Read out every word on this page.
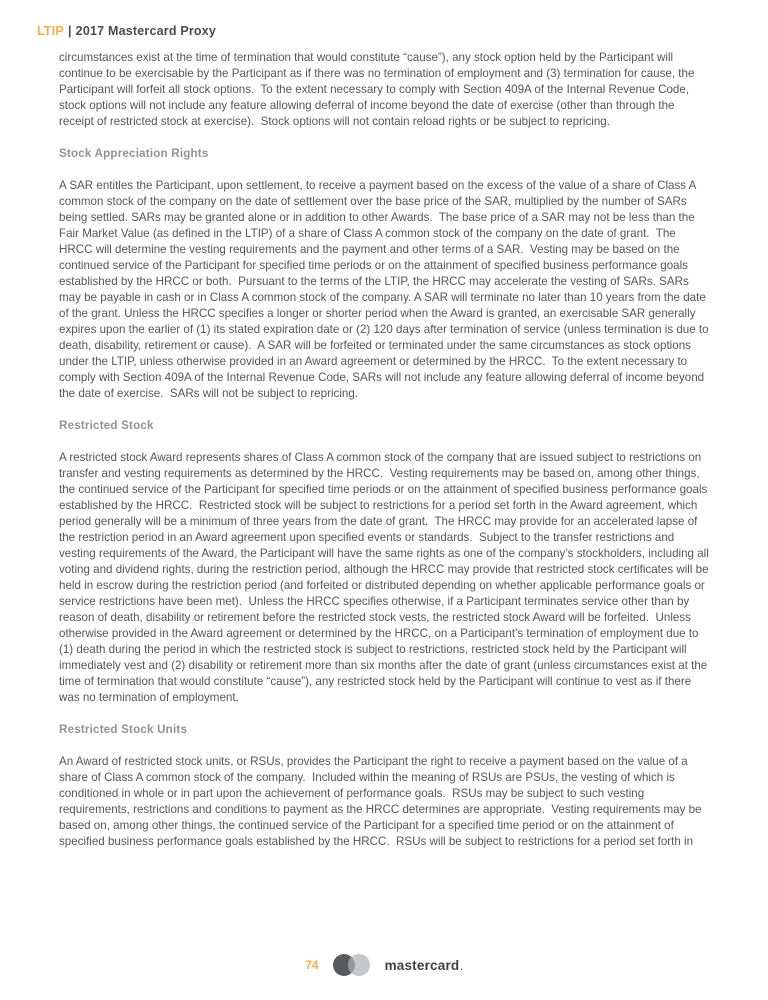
LTIP | 2017 Mastercard Proxy

circumstances exist at the time of termination that would constitute “cause”), any stock option held by the Participant will continue to be exercisable by the Participant as if there was no termination of employment and (3) termination for cause, the Participant will forfeit all stock options.  To the extent necessary to comply with Section 409A of the Internal Revenue Code, stock options will not include any feature allowing deferral of income beyond the date of exercise (other than through the receipt of restricted stock at exercise).  Stock options will not contain reload rights or be subject to repricing.

Stock Appreciation Rights

A SAR entitles the Participant, upon settlement, to receive a payment based on the excess of the value of a share of Class A common stock of the company on the date of settlement over the base price of the SAR, multiplied by the number of SARs being settled. SARs may be granted alone or in addition to other Awards.  The base price of a SAR may not be less than the Fair Market Value (as defined in the LTIP) of a share of Class A common stock of the company on the date of grant.  The HRCC will determine the vesting requirements and the payment and other terms of a SAR.  Vesting may be based on the continued service of the Participant for specified time periods or on the attainment of specified business performance goals established by the HRCC or both.  Pursuant to the terms of the LTIP, the HRCC may accelerate the vesting of SARs. SARs may be payable in cash or in Class A common stock of the company. A SAR will terminate no later than 10 years from the date of the grant. Unless the HRCC specifies a longer or shorter period when the Award is granted, an exercisable SAR generally expires upon the earlier of (1) its stated expiration date or (2) 120 days after termination of service (unless termination is due to death, disability, retirement or cause).  A SAR will be forfeited or terminated under the same circumstances as stock options under the LTIP, unless otherwise provided in an Award agreement or determined by the HRCC.  To the extent necessary to comply with Section 409A of the Internal Revenue Code, SARs will not include any feature allowing deferral of income beyond the date of exercise.  SARs will not be subject to repricing.

Restricted Stock

A restricted stock Award represents shares of Class A common stock of the company that are issued subject to restrictions on transfer and vesting requirements as determined by the HRCC.  Vesting requirements may be based on, among other things, the continued service of the Participant for specified time periods or on the attainment of specified business performance goals established by the HRCC.  Restricted stock will be subject to restrictions for a period set forth in the Award agreement, which period generally will be a minimum of three years from the date of grant.  The HRCC may provide for an accelerated lapse of the restriction period in an Award agreement upon specified events or standards.  Subject to the transfer restrictions and vesting requirements of the Award, the Participant will have the same rights as one of the company’s stockholders, including all voting and dividend rights, during the restriction period, although the HRCC may provide that restricted stock certificates will be held in escrow during the restriction period (and forfeited or distributed depending on whether applicable performance goals or service restrictions have been met).  Unless the HRCC specifies otherwise, if a Participant terminates service other than by reason of death, disability or retirement before the restricted stock vests, the restricted stock Award will be forfeited.  Unless otherwise provided in the Award agreement or determined by the HRCC, on a Participant’s termination of employment due to (1) death during the period in which the restricted stock is subject to restrictions, restricted stock held by the Participant will immediately vest and (2) disability or retirement more than six months after the date of grant (unless circumstances exist at the time of termination that would constitute “cause”), any restricted stock held by the Participant will continue to vest as if there was no termination of employment.

Restricted Stock Units

An Award of restricted stock units, or RSUs, provides the Participant the right to receive a payment based on the value of a share of Class A common stock of the company.  Included within the meaning of RSUs are PSUs, the vesting of which is conditioned in whole or in part upon the achievement of performance goals.  RSUs may be subject to such vesting requirements, restrictions and conditions to payment as the HRCC determines are appropriate.  Vesting requirements may be based on, among other things, the continued service of the Participant for a specified time period or on the attainment of specified business performance goals established by the HRCC.  RSUs will be subject to restrictions for a period set forth in

74	mastercard .
